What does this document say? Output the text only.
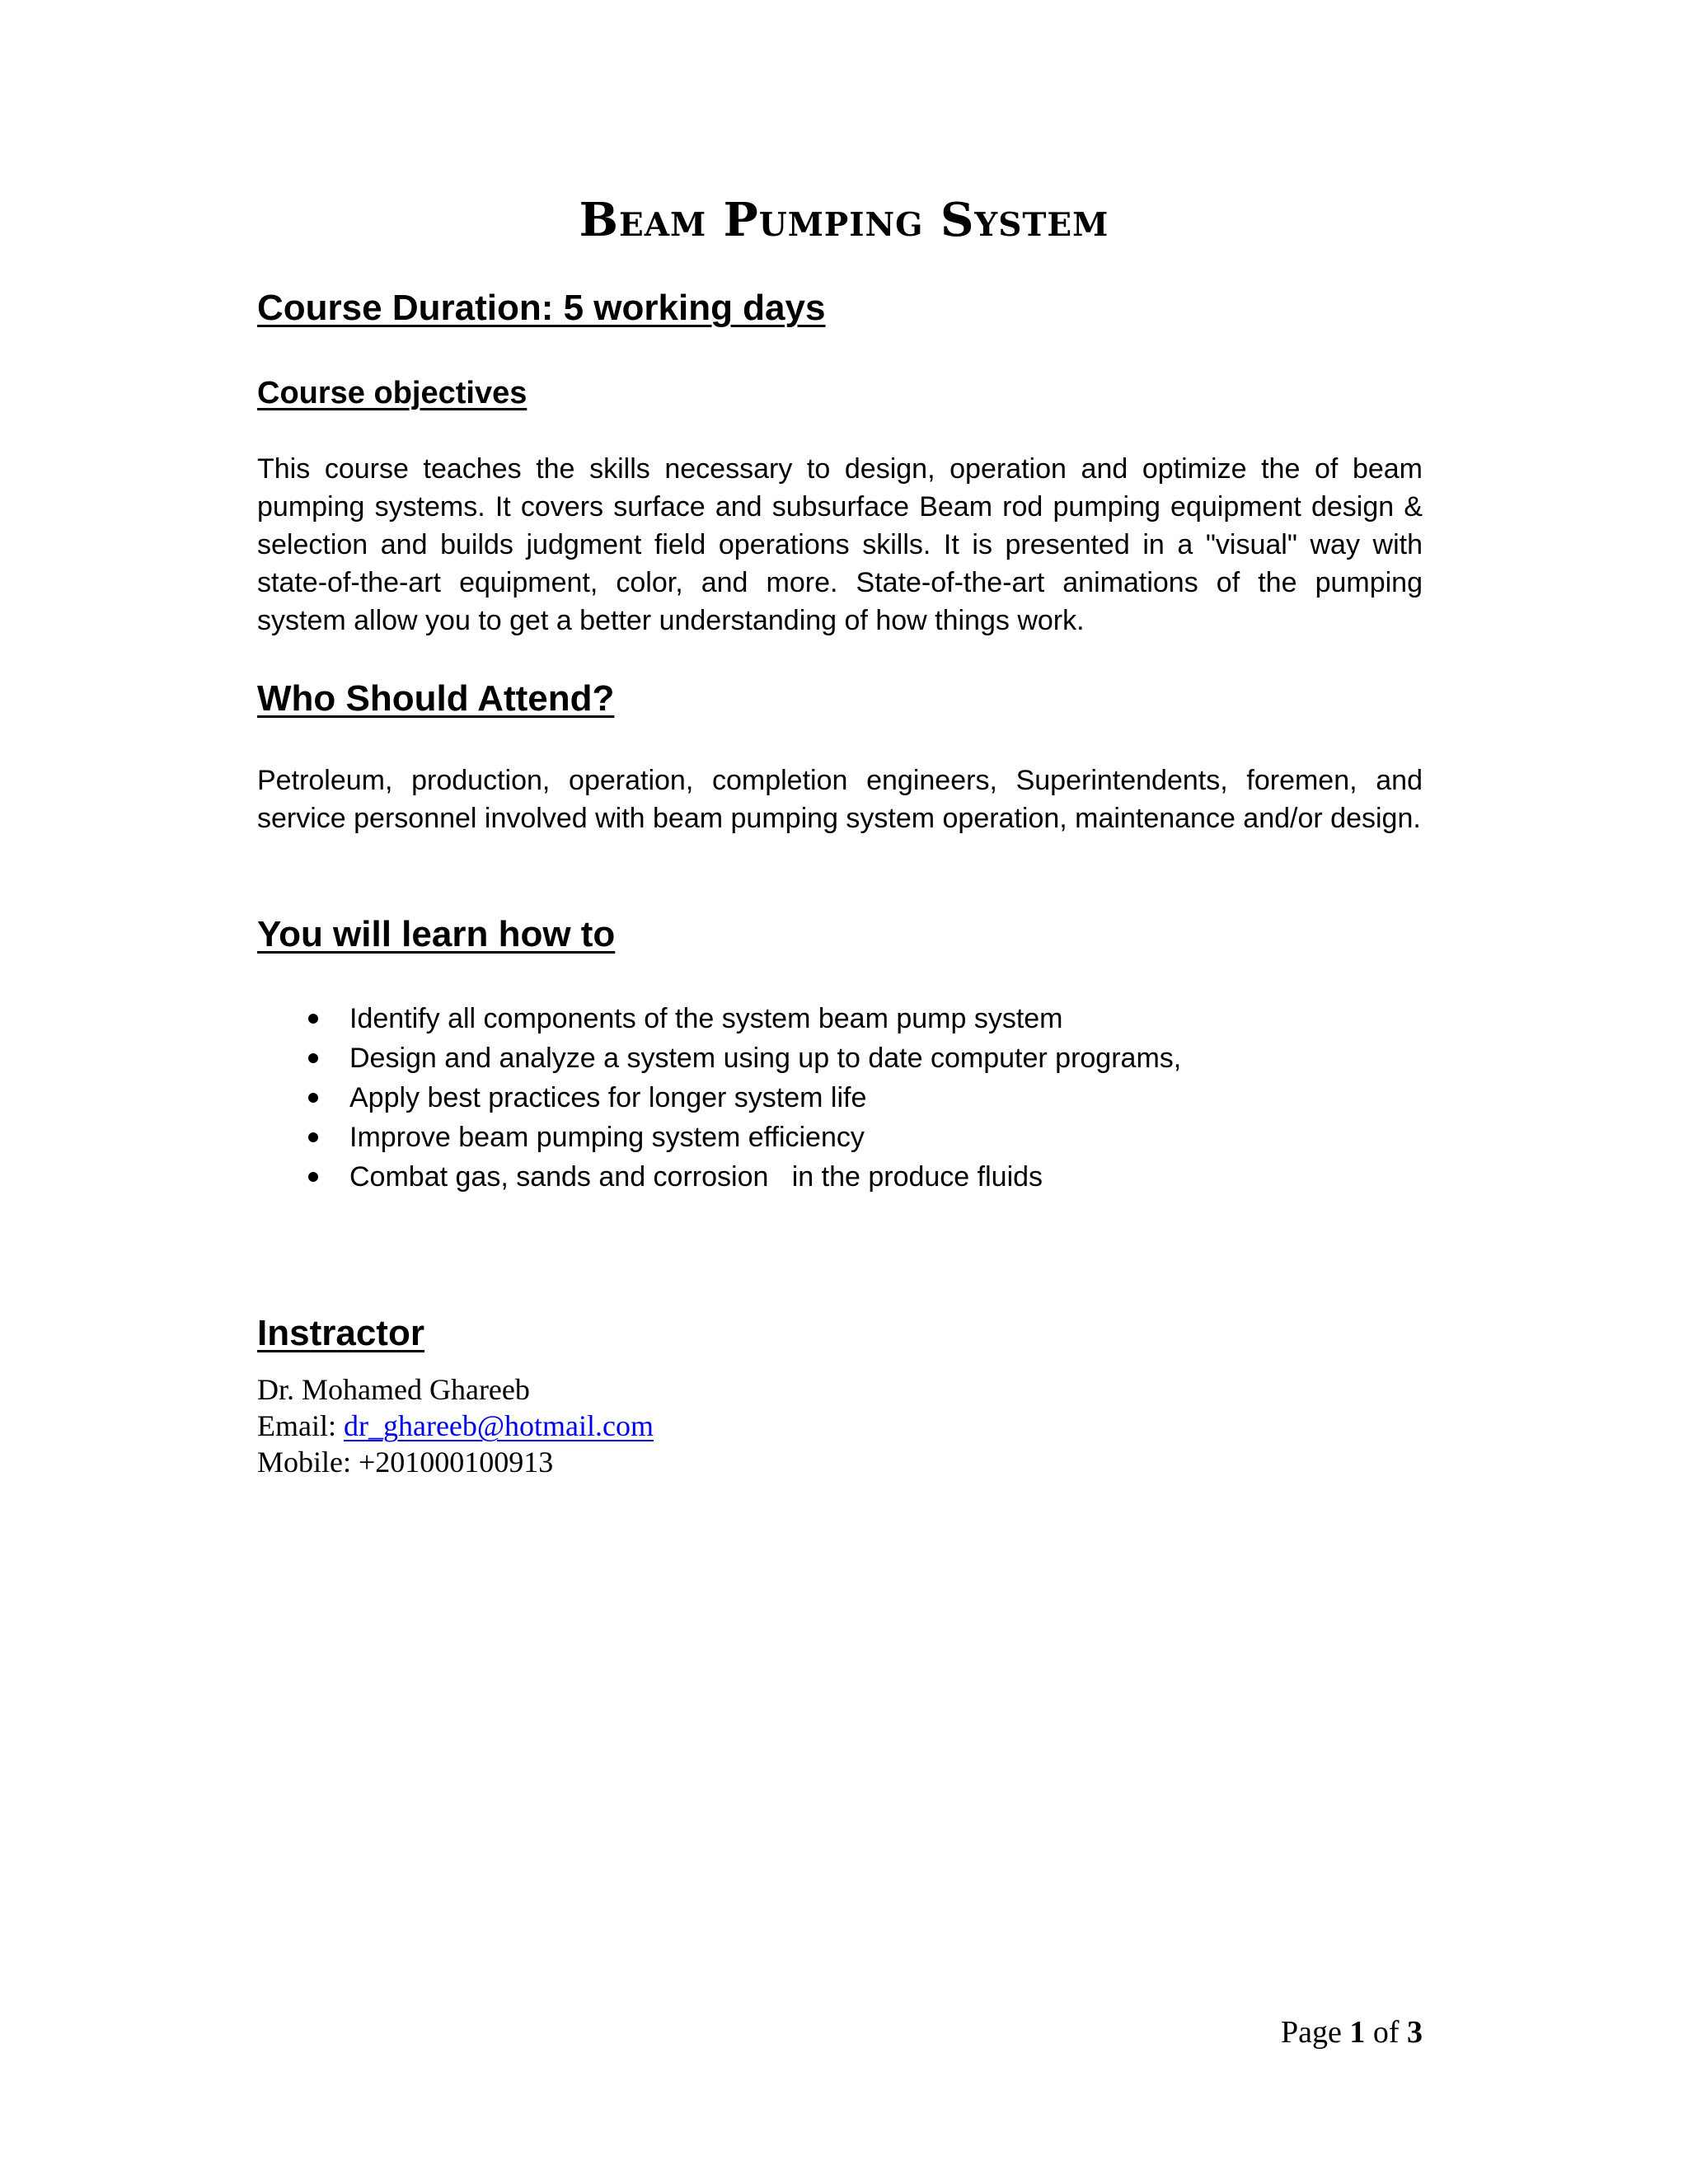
Beam Pumping System
Course Duration: 5 working days
Course objectives

This course teaches the skills necessary to design, operation and optimize the of beam pumping systems. It covers surface and subsurface Beam rod pumping equipment design & selection and builds judgment field operations skills. It is presented in a "visual" way with state-of-the-art equipment, color, and more. State-of-the-art animations of the pumping system allow you to get a better understanding of how things work.

Who Should Attend?

Petroleum, production, operation, completion engineers, Superintendents, foremen, and service personnel involved with beam pumping system operation, maintenance and/or design.

You will learn how to
Identify all components of the system beam pump system
Design and analyze a system using up to date computer programs,
Apply best practices for longer system life
Improve beam pumping system efficiency
Combat gas, sands and corrosion   in the produce fluids
Instractor
Dr. Mohamed Ghareeb
Email: dr_ghareeb@hotmail.com
Mobile: +201000100913
Page 1 of 3
